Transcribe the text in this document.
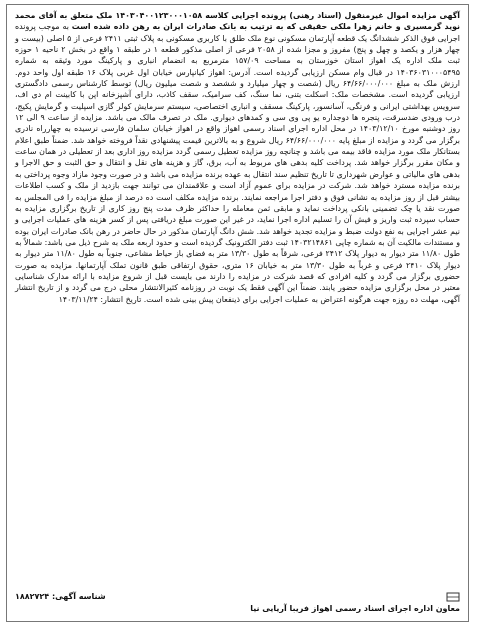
آگهی مزایده اموال غیرمنقول (اسناد رهنی) پرونده اجرایی کلاسه ۱۴۰۳۰۴۰۰۱۲۳۰۰۰۱۰۵۸ ملک متعلق به آقای محمد نوید گرمسیری و خانم زهرا ملکی حقیقی که به ترتیب به بانک صادرات ایران به رهن داده شده است به موجب پرونده اجرایی فوق الذکر ششدانگ یک قطعه آپارتمان مسکونی نوع ملک طلق با کاربری مسکونی به پلاک ثبتی ۲۴۱۱ فرعی از ۵ اصلی (بیست و چهار هزار و یکصد و چهل و پنج) مفروز و مجزا شده از ۲۰۵۸ فرعی از اصلی مذکور قطعه ۱ در طبقه ۱ واقع در بخش ۲ ناحیه ۱ حوزه ثبت ملک اداره یک اهواز استان خوزستان به مساحت ۱۵۷/۰۹ مترمربع به انضمام انباری و پارکینگ مورد وثیقه به شماره ۱۴۰۳۶۰۳۱۰۰۰۵۴۹۵ در قبال وام مسکن ارزیابی گردیده است. آدرس: اهواز کیانپارس خیابان اول غربی پلاک ۱۶ طبقه اول واحد دوم. ارزش ملک به مبلغ ۶۴/۶۶/۰۰۰/۰۰۰ ریال (شصت و چهار میلیارد و ششصد و شصت میلیون ریال) توسط کارشناس رسمی دادگستری ارزیابی گردیده است. مشخصات ملک: اسکلت بتنی، نما سنگ، کف سرامیک، سقف کاذب، دارای آشپزخانه اپن با کابینت ام دی اف، سرویس بهداشتی ایرانی و فرنگی، آسانسور، پارکینگ مسقف و انباری اختصاصی، سیستم سرمایش کولر گازی اسپلیت و گرمایش پکیج، درب ورودی ضدسرقت، پنجره ها دوجداره یو پی وی سی و کمدهای دیواری. ملک در تصرف مالک می باشد. مزایده از ساعت ۹ الی ۱۲ روز دوشنبه مورخ ۱۴۰۳/۱۲/۱۰ در محل اداره اجرای اسناد رسمی اهواز واقع در اهواز خیابان سلمان فارسی نرسیده به چهارراه نادری برگزار می گردد و مزایده از مبلغ پایه ۶۴/۶۶/۰۰۰/۰۰۰ ریال شروع و به بالاترین قیمت پیشنهادی نقداً فروخته خواهد شد. ضمناً طبق اعلام بستانکار ملک مورد مزایده فاقد بیمه می باشد و چنانچه روز مزایده تعطیل رسمی گردد مزایده روز اداری بعد از تعطیلی در همان ساعت و مکان مقرر برگزار خواهد شد. پرداخت کلیه بدهی های مربوط به آب، برق، گاز و هزینه های نقل و انتقال و حق الثبت و حق الاجرا و بدهی های مالیاتی و عوارض شهرداری تا تاریخ تنظیم سند انتقال به عهده برنده مزایده می باشد و در صورت وجود مازاد وجوه پرداختی به برنده مزایده مسترد خواهد شد. شرکت در مزایده برای عموم آزاد است و علاقمندان می توانند جهت بازدید از ملک و کسب اطلاعات بیشتر قبل از روز مزایده به نشانی فوق و دفتر اجرا مراجعه نمایند. برنده مزایده مکلف است ده درصد از مبلغ مزایده را فی المجلس به صورت نقد یا چک تضمینی بانکی پرداخت نماید و مابقی ثمن معامله را حداکثر ظرف مدت پنج روز کاری از تاریخ برگزاری مزایده به حساب سپرده ثبت واریز و فیش آن را تسلیم اداره اجرا نماید، در غیر این صورت مبلغ دریافتی پس از کسر هزینه های عملیات اجرایی و نیم عشر اجرایی به نفع دولت ضبط و مزایده تجدید خواهد شد. شش دانگ آپارتمان مذکور در حال حاضر در رهن بانک صادرات ایران بوده و مستندات مالکیت آن به شماره چاپی ۱۴۰۳۲۱۴۸۶۱ ثبت دفتر الکترونیک گردیده است و حدود اربعه ملک به شرح ذیل می باشد: شمالاً به طول ۱۱/۸۰ متر دیوار به دیوار پلاک ۲۴۱۲ فرعی، شرقاً به طول ۱۳/۳۰ متر به فضای باز حیاط مشاعی، جنوباً به طول ۱۱/۸۰ متر دیوار به دیوار پلاک ۲۴۱۰ فرعی و غرباً به طول ۱۳/۳۰ متر به خیابان ۱۶ متری، حقوق ارتفاقی طبق قانون تملک آپارتمانها. مزایده به صورت حضوری برگزار می گردد و کلیه افرادی که قصد شرکت در مزایده را دارند می بایست قبل از شروع مزایده با ارائه مدارک شناسایی معتبر در محل برگزاری مزایده حضور یابند. ضمناً این آگهی فقط یک نوبت در روزنامه کثیرالانتشار محلی درج می گردد و از تاریخ انتشار آگهی، مهلت ده روزه جهت هرگونه اعتراض به عملیات اجرایی برای ذینفعان پیش بینی شده است. تاریخ انتشار: ۱۴۰۳/۱۱/۲۴

شناسه آگهی: ۱۸۸۲۷۲۴
معاون اداره اجرای اسناد رسمی اهواز فریبا آریایی نیا
